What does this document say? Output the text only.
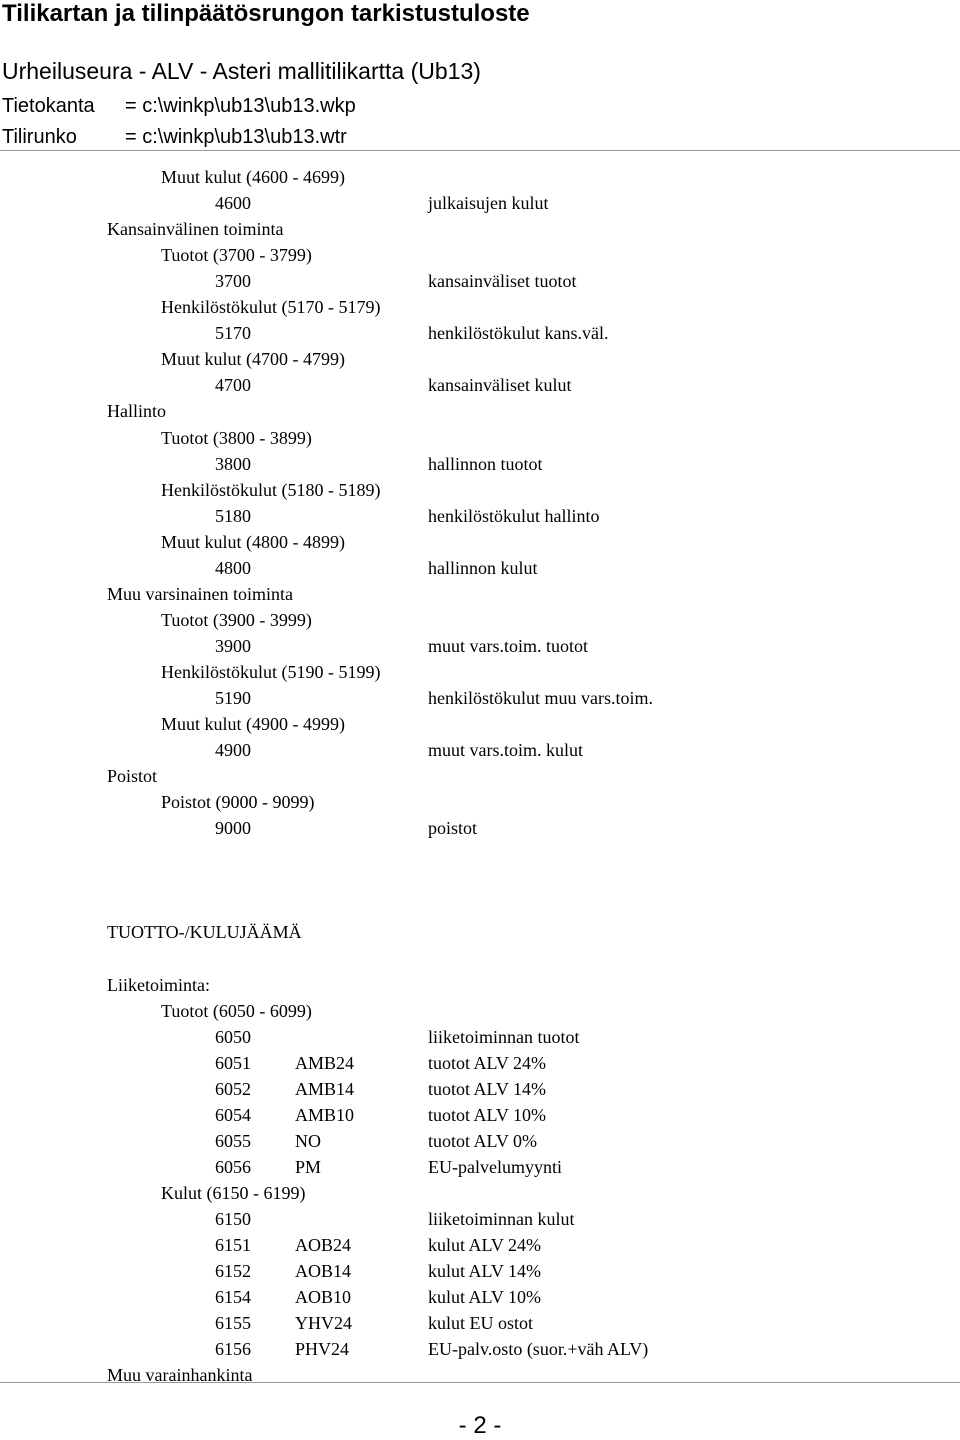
Tilikartan ja tilinpäätösrungon tarkistustuloste
Urheiluseura - ALV - Asteri mallitilikartta (Ub13)
Tietokanta = c:\winkp\ub13\ub13.wkp
Tilirunko = c:\winkp\ub13\ub13.wtr
Muut kulut (4600 - 4699)
4600	julkaisujen kulut
Kansainvälinen toiminta
Tuotot (3700 - 3799)
3700	kansainväliset tuotot
Henkilöstökulut (5170 - 5179)
5170	henkilöstökulut kans.väl.
Muut kulut (4700 - 4799)
4700	kansainväliset kulut
Hallinto
Tuotot (3800 - 3899)
3800	hallinnon tuotot
Henkilöstökulut (5180 - 5189)
5180	henkilöstökulut hallinto
Muut kulut (4800 - 4899)
4800	hallinnon kulut
Muu varsinainen toiminta
Tuotot (3900 - 3999)
3900	muut vars.toim. tuotot
Henkilöstökulut (5190 - 5199)
5190	henkilöstökulut muu vars.toim.
Muut kulut (4900 - 4999)
4900	muut vars.toim. kulut
Poistot
Poistot (9000 - 9099)
9000	poistot
TUOTTO-/KULUJÄÄMÄ
Liiketoiminta:
Tuotot (6050 - 6099)
6050	liiketoiminnan tuotot
6051 AMB24	tuotot ALV 24%
6052 AMB14	tuotot ALV 14%
6054 AMB10	tuotot ALV 10%
6055 NO	tuotot ALV 0%
6056 PM	EU-palvelumyynti
Kulut (6150 - 6199)
6150	liiketoiminnan kulut
6151 AOB24	kulut ALV 24%
6152 AOB14	kulut ALV 14%
6154 AOB10	kulut ALV 10%
6155 YHV24	kulut EU ostot
6156 PHV24	EU-palv.osto (suor.+väh ALV)
Muu varainhankinta
- 2 -
